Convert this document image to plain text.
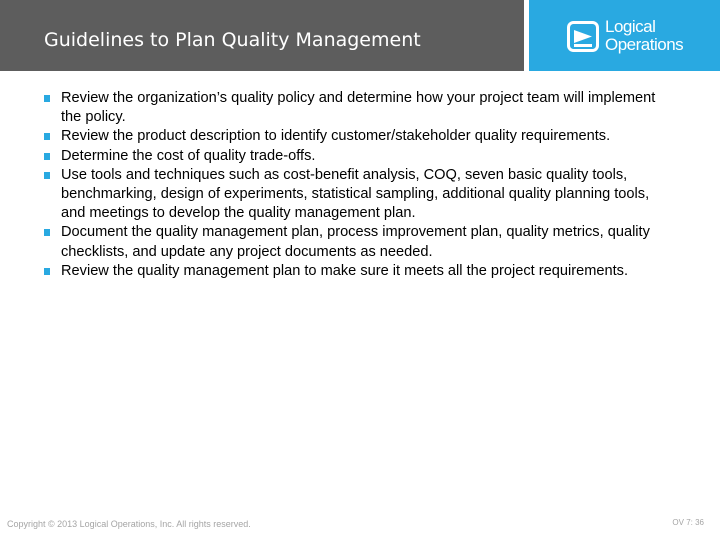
Guidelines to Plan Quality Management
Logical
Operations
Review the organization’s quality policy and determine how your project team will implement the policy.
Review the product description to identify customer/stakeholder quality requirements.
Determine the cost of quality trade-offs.
Use tools and techniques such as cost-benefit analysis, COQ, seven basic quality tools, benchmarking, design of experiments, statistical sampling, additional quality planning tools, and meetings to develop the quality management plan.
Document the quality management plan, process improvement plan, quality metrics, quality checklists, and update any project documents as needed.
Review the quality management plan to make sure it meets all the project requirements.
Copyright © 2013 Logical Operations, Inc. All rights reserved.	OV 7: 36
